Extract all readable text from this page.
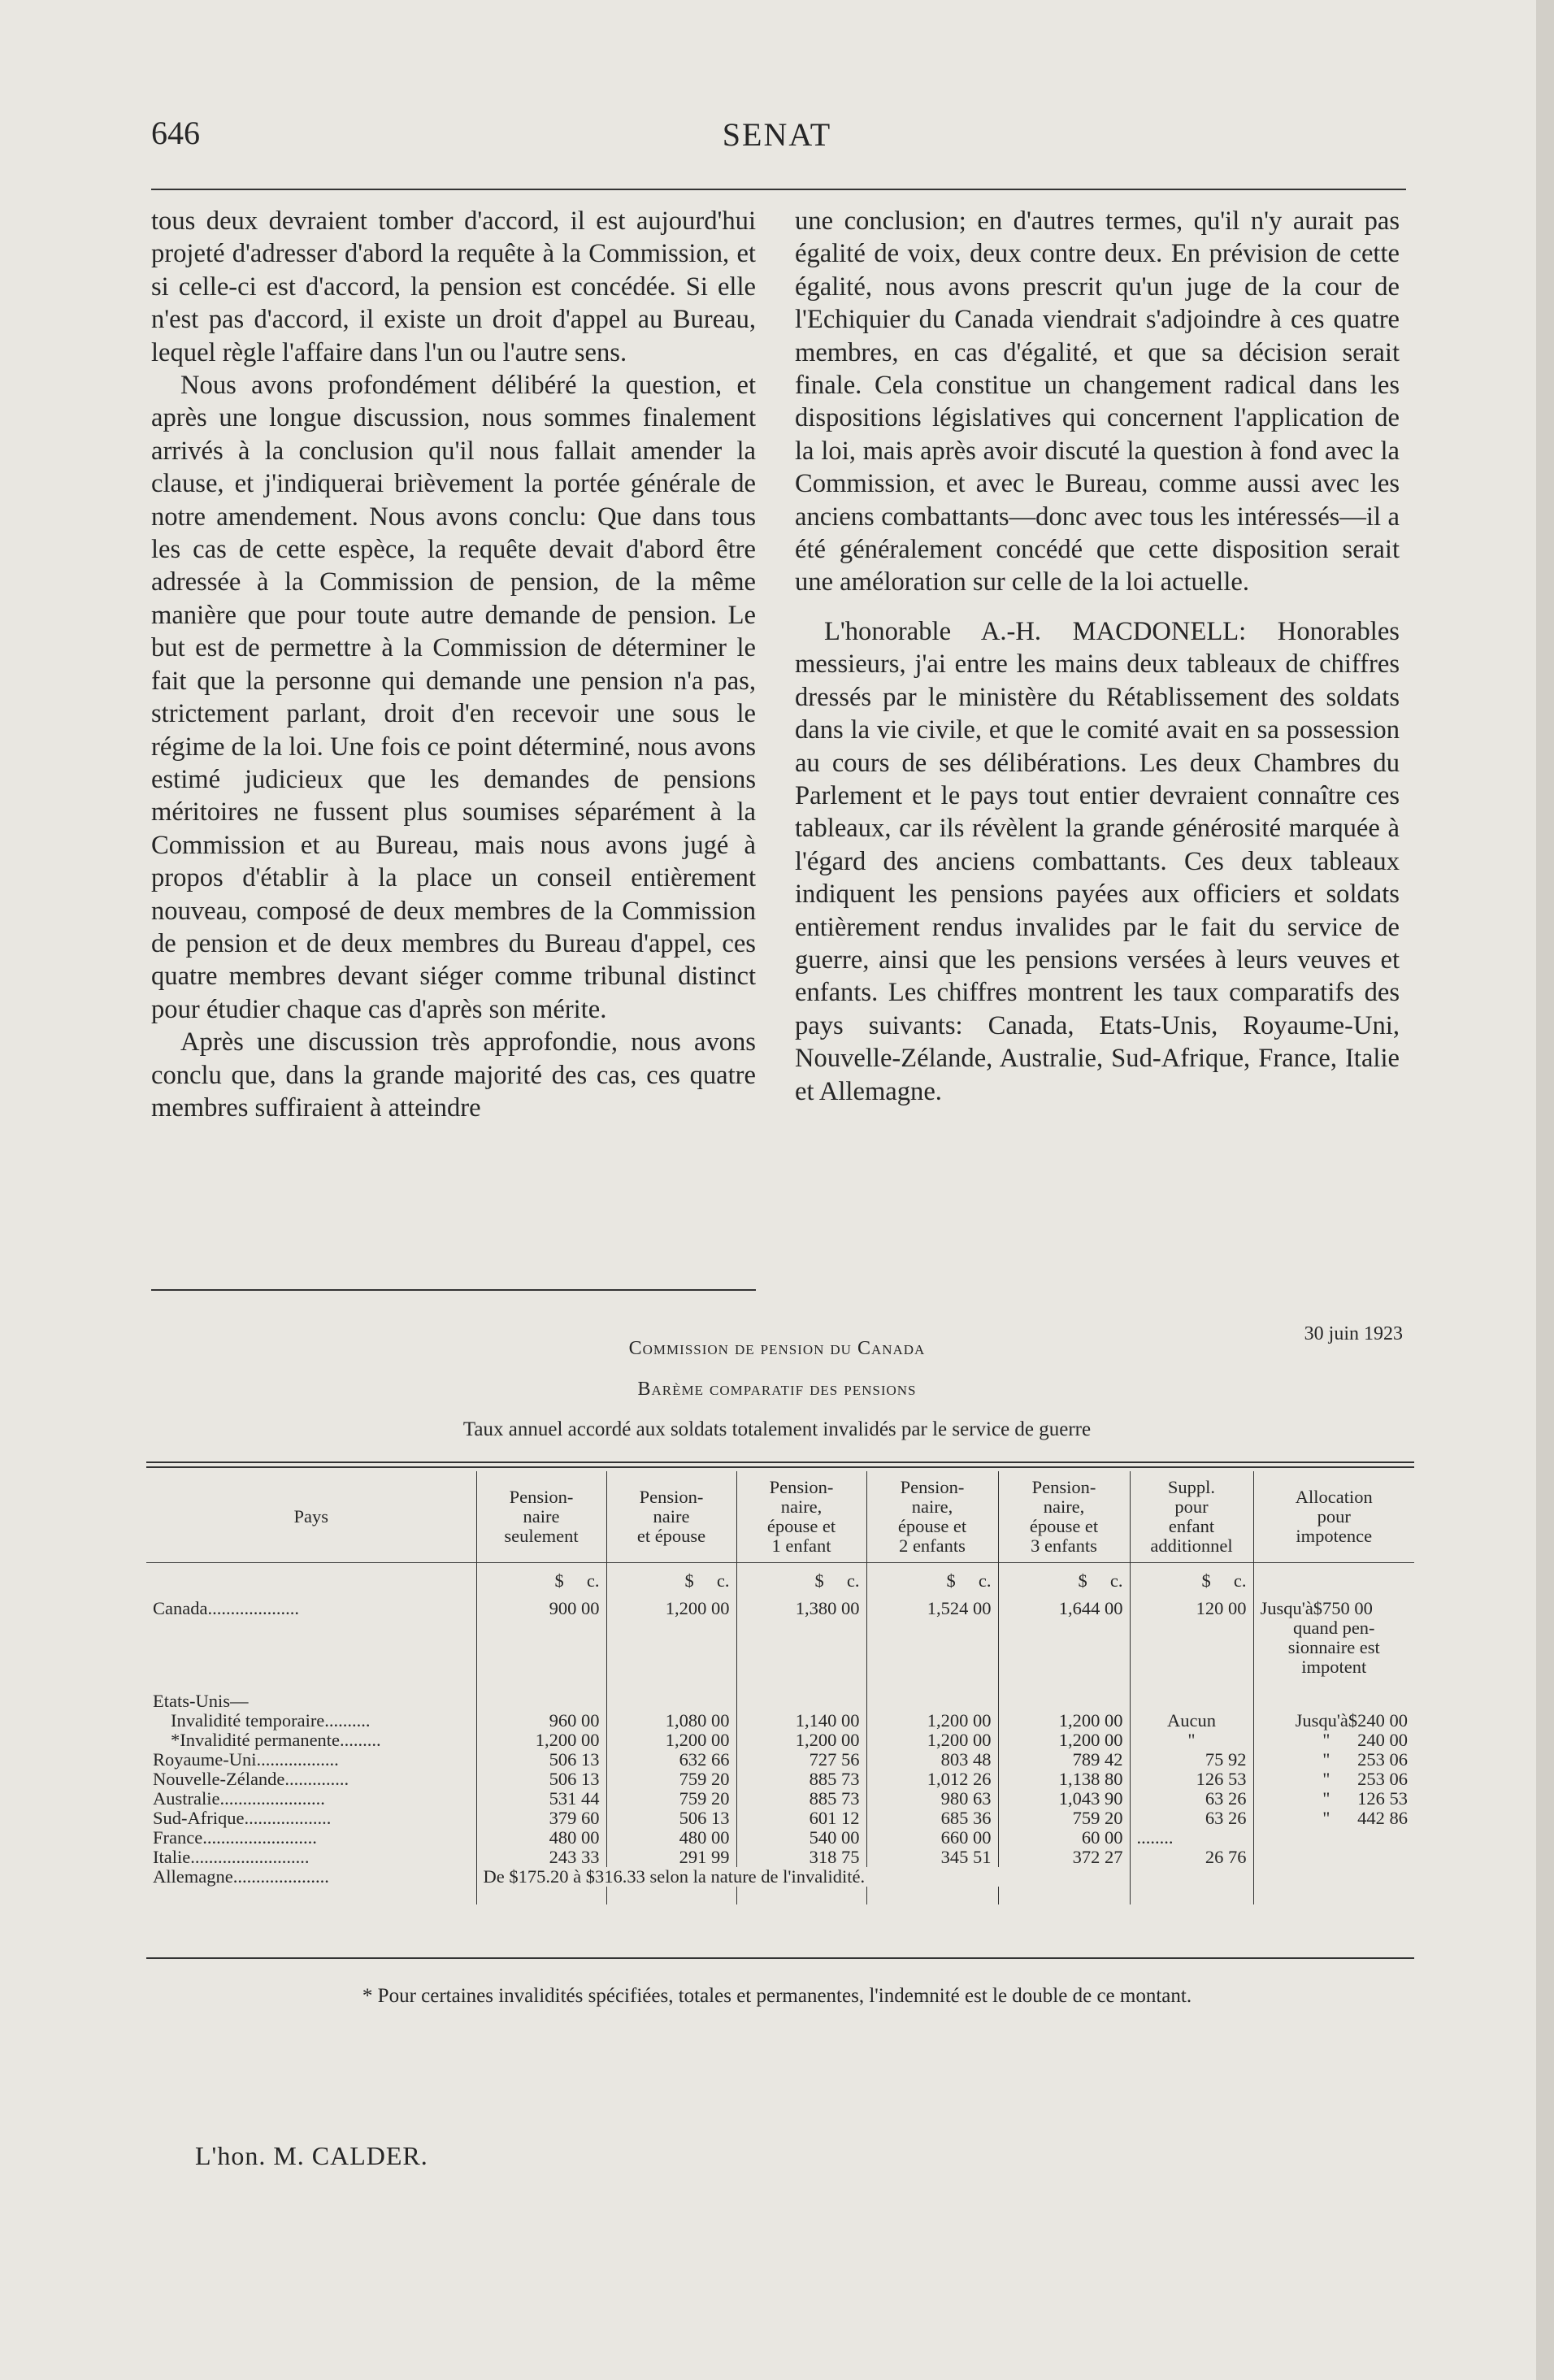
646	SENAT

tous deux devraient tomber d'accord, il est aujourd'hui projeté d'adresser d'abord la requête à la Commission, et si celle-ci est d'accord, la pension est concédée. Si elle n'est pas d'accord, il existe un droit d'appel au Bureau, lequel règle l'affaire dans l'un ou l'autre sens.

Nous avons profondément délibéré la question, et après une longue discussion, nous sommes finalement arrivés à la conclusion qu'il nous fallait amender la clause, et j'indiquerai brièvement la portée générale de notre amendement. Nous avons conclu: Que dans tous les cas de cette espèce, la requête devait d'abord être adressée à la Commission de pension, de la même manière que pour toute autre demande de pension. Le but est de permettre à la Commission de déterminer le fait que la personne qui demande une pension n'a pas, strictement parlant, droit d'en recevoir une sous le régime de la loi. Une fois ce point déterminé, nous avons estimé judicieux que les demandes de pensions méritoires ne fussent plus soumises séparément à la Commission et au Bureau, mais nous avons jugé à propos d'établir à la place un conseil entièrement nouveau, composé de deux membres de la Commission de pension et de deux membres du Bureau d'appel, ces quatre membres devant siéger comme tribunal distinct pour étudier chaque cas d'après son mérite.

Après une discussion très approfondie, nous avons conclu que, dans la grande majorité des cas, ces quatre membres suffiraient à atteindre

une conclusion; en d'autres termes, qu'il n'y aurait pas égalité de voix, deux contre deux. En prévision de cette égalité, nous avons prescrit qu'un juge de la cour de l'Echiquier du Canada viendrait s'adjoindre à ces quatre membres, en cas d'égalité, et que sa décision serait finale. Cela constitue un changement radical dans les dispositions législatives qui concernent l'application de la loi, mais après avoir discuté la question à fond avec la Commission, et avec le Bureau, comme aussi avec les anciens combattants—donc avec tous les intéressés—il a été généralement concédé que cette disposition serait une améloration sur celle de la loi actuelle.

L'honorable A.-H. MACDONELL: Honorables messieurs, j'ai entre les mains deux tableaux de chiffres dressés par le ministère du Rétablissement des soldats dans la vie civile, et que le comité avait en sa possession au cours de ses délibérations. Les deux Chambres du Parlement et le pays tout entier devraient connaître ces tableaux, car ils révèlent la grande générosité marquée à l'égard des anciens combattants. Ces deux tableaux indiquent les pensions payées aux officiers et soldats entièrement rendus invalides par le fait du service de guerre, ainsi que les pensions versées à leurs veuves et enfants. Les chiffres montrent les taux comparatifs des pays suivants: Canada, Etats-Unis, Royaume-Uni, Nouvelle-Zélande, Australie, Sud-Afrique, France, Italie et Allemagne.

Commission de pension du Canada
30 juin 1923
Barème comparatif des pensions
Taux annuel accordé aux soldats totalement invalidés par le service de guerre
Pays	Pension-
naire
seulement	Pension-
naire
et épouse	Pension-
naire,
épouse et
1 enfant	Pension-
naire,
épouse et
2 enfants	Pension-
naire,
épouse et
3 enfants	Suppl.
pour
enfant
additionnel	Allocation
pour
impotence
	$     c.	$     c.	$     c.	$     c.	$     c.	$     c.	
Canada....................	900 00	1,200 00	1,380 00	1,524 00	1,644 00	120 00	Jusqu'à$750 00
quand pen-
sionnaire est
impotent

Etats-Unis—							
Invalidité temporaire..........	960 00	1,080 00	1,140 00	1,200 00	1,200 00	Aucun	Jusqu'à$240 00
*Invalidité permanente.........	1,200 00	1,200 00	1,200 00	1,200 00	1,200 00	"	"      240 00
Royaume-Uni..................	506 13	632 66	727 56	803 48	789 42	75 92	"      253 06
Nouvelle-Zélande..............	506 13	759 20	885 73	1,012 26	1,138 80	126 53	"      253 06
Australie.......................	531 44	759 20	885 73	980 63	1,043 90	63 26	"      126 53
Sud-Afrique...................	379 60	506 13	601 12	685 36	759 20	63 26	"      442 86
France.........................	480 00	480 00	540 00	660 00	60 00	........	
Italie..........................	243 33	291 99	318 75	345 51	372 27	26 76	
Allemagne.....................	De $175.20 à $316.33 selon la nature de l'invalidité.						

* Pour certaines invalidités spécifiées, totales et permanentes, l'indemnité est le double de ce montant.
L'hon. M. CALDER.
